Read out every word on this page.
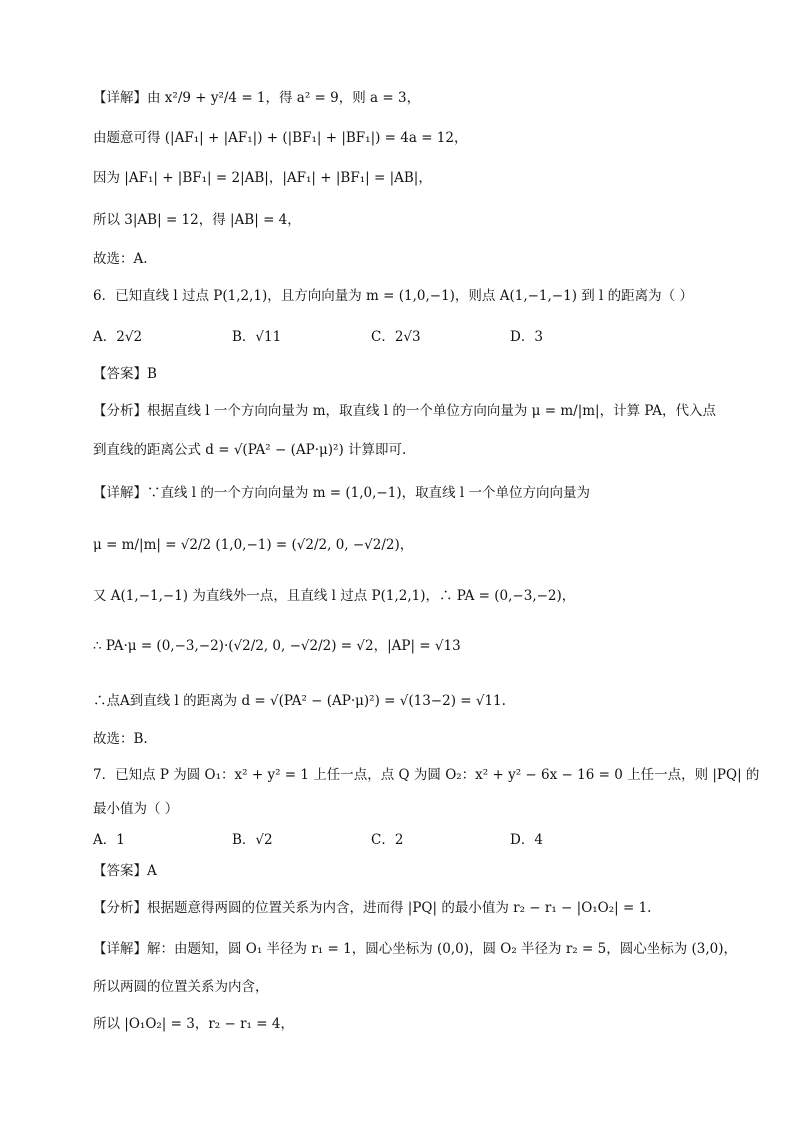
【详解】由 x²/9 + y²/4 = 1，得 a² = 9，则 a = 3，
由题意可得 (|AF₁| + |AF₁|) + (|BF₁| + |BF₁|) = 4a = 12，
因为 |AF₁| + |BF₁| = 2|AB|，|AF₁| + |BF₁| = |AB|，
所以 3|AB| = 12，得 |AB| = 4，
故选：A.
6．已知直线 l 过点 P(1,2,1)，且方向向量为 m = (1,0,−1)，则点 A(1,−1,−1) 到 l 的距离为（ ）
A．2√2	B．√11	C．2√3	D．3
【答案】B
【分析】根据直线 l 一个方向向量为 m，取直线 l 的一个单位方向向量为 μ = m/|m|，计算 PA，代入点
到直线的距离公式 d = √(PA² − (AP·μ)²) 计算即可.
【详解】∵直线 l 的一个方向向量为 m = (1,0,−1)，取直线 l 一个单位方向向量为
μ = m/|m| = √2/2 (1,0,−1) = (√2/2, 0, −√2/2)，
又 A(1,−1,−1) 为直线外一点，且直线 l 过点 P(1,2,1)，∴ PA = (0,−3,−2)，
∴ PA·μ = (0,−3,−2)·(√2/2, 0, −√2/2) = √2，|AP| = √13
∴点A到直线 l 的距离为 d = √(PA² − (AP·μ)²) = √(13−2) = √11.
故选：B.
7．已知点 P 为圆 O₁：x² + y² = 1 上任一点，点 Q 为圆 O₂：x² + y² − 6x − 16 = 0 上任一点，则 |PQ| 的
最小值为（ ）
A．1	B．√2	C．2	D．4
【答案】A
【分析】根据题意得两圆的位置关系为内含，进而得 |PQ| 的最小值为 r₂ − r₁ − |O₁O₂| = 1.
【详解】解：由题知，圆 O₁ 半径为 r₁ = 1，圆心坐标为 (0,0)，圆 O₂ 半径为 r₂ = 5，圆心坐标为 (3,0)，
所以两圆的位置关系为内含，
所以 |O₁O₂| = 3，r₂ − r₁ = 4，
